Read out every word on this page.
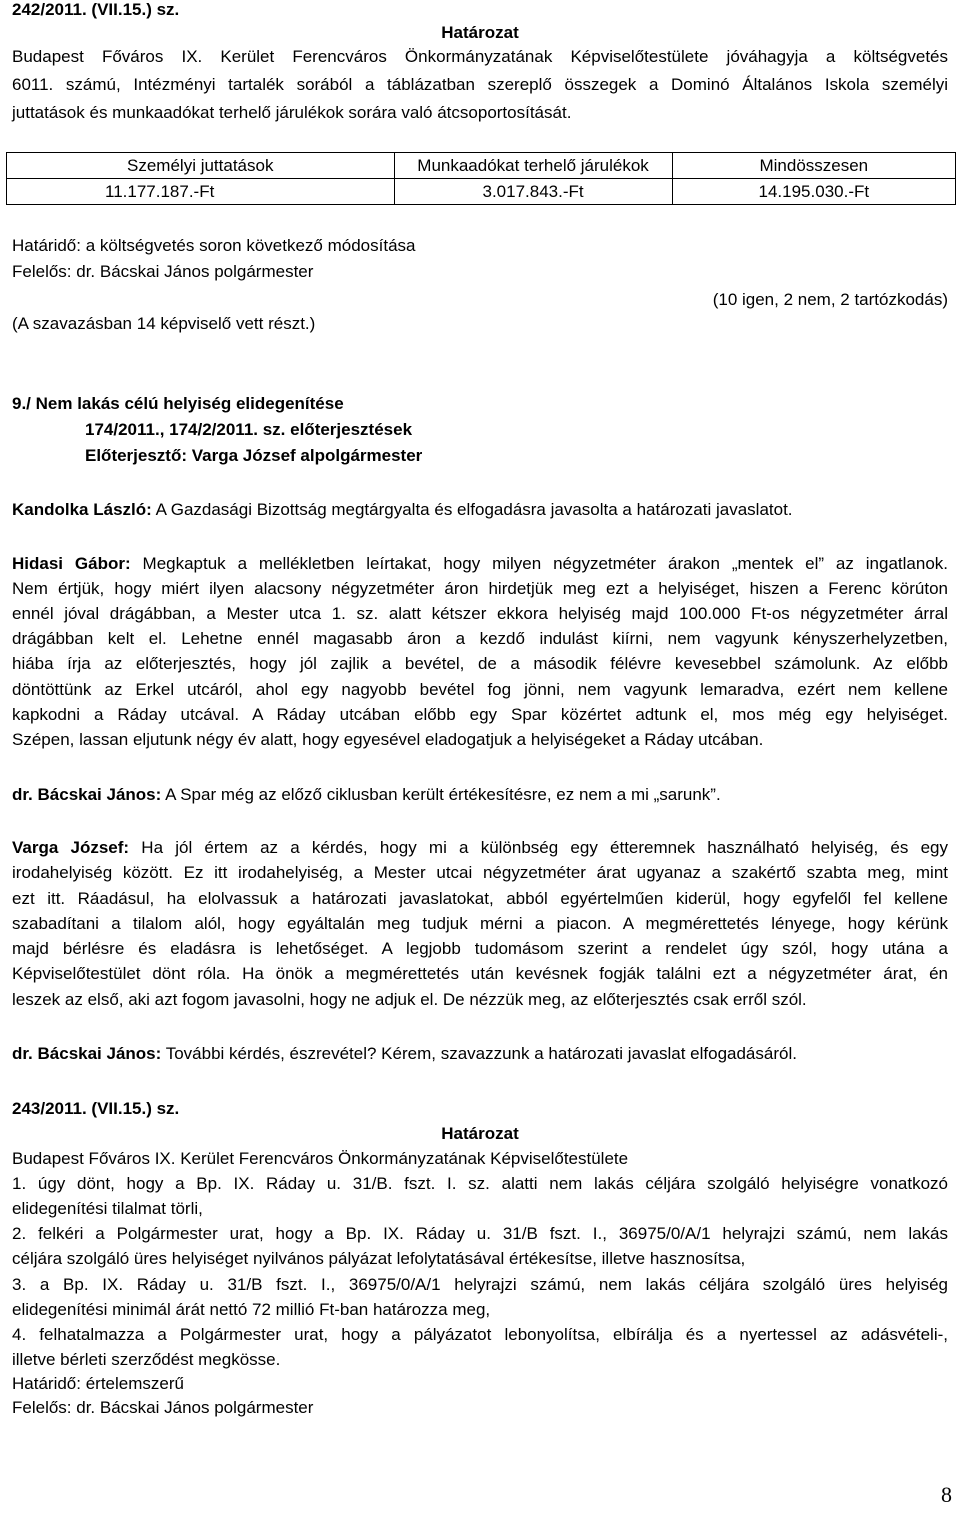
242/2011. (VII.15.) sz.
Határozat
Budapest Főváros IX. Kerület Ferencváros Önkormányzatának Képviselőtestülete jóváhagyja a költségvetés
6011. számú, Intézményi tartalék sorából a táblázatban szereplő összegek a Dominó Általános Iskola személyi
juttatások és munkaadókat terhelő járulékok sorára való átcsoportosítását.
Személyi juttatások	Munkaadókat terhelő járulékok	Mindösszesen
11.177.187.-Ft	3.017.843.-Ft	14.195.030.-Ft
Határidő: a költségvetés soron következő módosítása
Felelős: dr. Bácskai János polgármester
(10 igen, 2 nem, 2 tartózkodás)
(A szavazásban 14 képviselő vett részt.)
9./ Nem lakás célú helyiség elidegenítése
174/2011., 174/2/2011. sz. előterjesztések
Előterjesztő: Varga József alpolgármester
Kandolka László: A Gazdasági Bizottság megtárgyalta és elfogadásra javasolta a határozati javaslatot.
Hidasi Gábor: Megkaptuk a mellékletben leírtakat, hogy milyen négyzetméter árakon „mentek el” az ingatlanok.
Nem értjük, hogy miért ilyen alacsony négyzetméter áron hirdetjük meg ezt a helyiséget, hiszen a Ferenc körúton
ennél jóval drágábban, a Mester utca 1. sz. alatt kétszer ekkora helyiség majd 100.000 Ft-os négyzetméter árral
drágábban kelt el. Lehetne ennél magasabb áron a kezdő indulást kiírni, nem vagyunk kényszerhelyzetben,
hiába írja az előterjesztés, hogy jól zajlik a bevétel, de a második félévre kevesebbel számolunk. Az előbb
döntöttünk az Erkel utcáról, ahol egy nagyobb bevétel fog jönni, nem vagyunk lemaradva, ezért nem kellene
kapkodni a Ráday utcával. A Ráday utcában előbb egy Spar közértet adtunk el, mos még egy helyiséget.
Szépen, lassan eljutunk négy év alatt, hogy egyesével eladogatjuk a helyiségeket a Ráday utcában.
dr. Bácskai János: A Spar még az előző ciklusban került értékesítésre, ez nem a mi „sarunk”.
Varga József: Ha jól értem az a kérdés, hogy mi a különbség egy étteremnek használható helyiség, és egy
irodahelyiség között. Ez itt irodahelyiség, a Mester utcai négyzetméter árat ugyanaz a szakértő szabta meg, mint
ezt itt. Ráadásul, ha elolvassuk a határozati javaslatokat, abból egyértelműen kiderül, hogy egyfelől fel kellene
szabadítani a tilalom alól, hogy egyáltalán meg tudjuk mérni a piacon. A megmérettetés lényege, hogy kérünk
majd bérlésre és eladásra is lehetőséget. A legjobb tudomásom szerint a rendelet úgy szól, hogy utána a
Képviselőtestület dönt róla. Ha önök a megmérettetés után kevésnek fogják találni ezt a négyzetméter árat, én
leszek az első, aki azt fogom javasolni, hogy ne adjuk el. De nézzük meg, az előterjesztés csak erről szól.
dr. Bácskai János: További kérdés, észrevétel? Kérem, szavazzunk a határozati javaslat elfogadásáról.
243/2011. (VII.15.) sz.
Határozat
Budapest Főváros IX. Kerület Ferencváros Önkormányzatának Képviselőtestülete
1. úgy dönt, hogy a Bp. IX. Ráday u. 31/B. fszt. I. sz. alatti nem lakás céljára szolgáló helyiségre vonatkozó
elidegenítési tilalmat törli,
2. felkéri a Polgármester urat, hogy a Bp. IX. Ráday u. 31/B fszt. I., 36975/0/A/1 helyrajzi számú, nem lakás
céljára szolgáló üres helyiséget nyilvános pályázat lefolytatásával értékesítse, illetve hasznosítsa,
3. a Bp. IX. Ráday u. 31/B fszt. I., 36975/0/A/1 helyrajzi számú, nem lakás céljára szolgáló üres helyiség
elidegenítési minimál árát nettó 72 millió Ft-ban határozza meg,
4. felhatalmazza a Polgármester urat, hogy a pályázatot lebonyolítsa, elbírálja és a nyertessel az adásvételi-,
illetve bérleti szerződést megkösse.
Határidő: értelemszerű
Felelős: dr. Bácskai János polgármester
8
